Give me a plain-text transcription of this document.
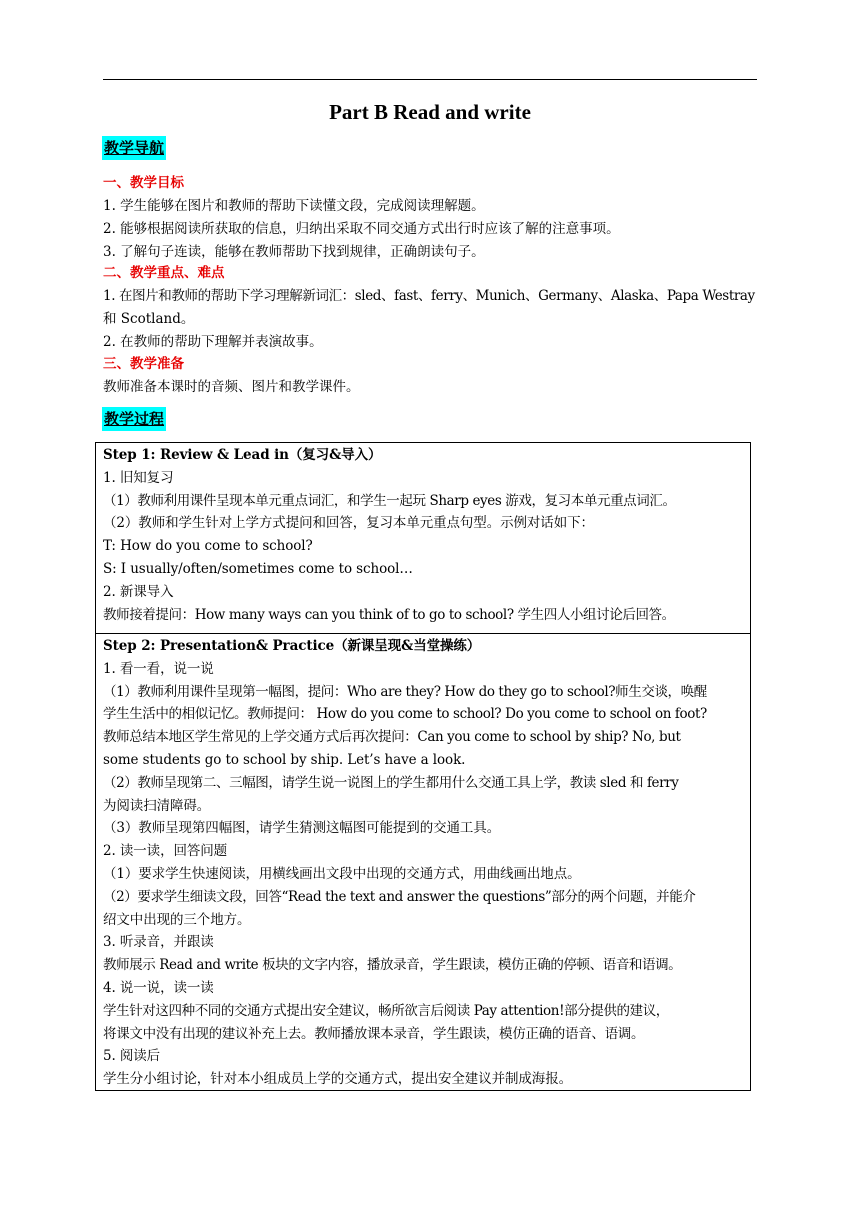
Part B Read and write
教学导航
一、教学目标
1. 学生能够在图片和教师的帮助下读懂文段，完成阅读理解题。
2. 能够根据阅读所获取的信息，归纳出采取不同交通方式出行时应该了解的注意事项。
3. 了解句子连读，能够在教师帮助下找到规律，正确朗读句子。
二、教学重点、难点
1. 在图片和教师的帮助下学习理解新词汇：sled、fast、ferry、Munich、Germany、Alaska、Papa Westray
和 Scotland。
2. 在教师的帮助下理解并表演故事。
三、教学准备
教师准备本课时的音频、图片和教学课件。
教学过程
Step 1: Review & Lead in（复习&导入）
1. 旧知复习
（1）教师利用课件呈现本单元重点词汇，和学生一起玩 Sharp eyes 游戏，复习本单元重点词汇。
（2）教师和学生针对上学方式提问和回答，复习本单元重点句型。示例对话如下：
T: How do you come to school?
S: I usually/often/sometimes come to school…
2. 新课导入
教师接着提问：How many ways can you think of to go to school? 学生四人小组讨论后回答。
Step 2: Presentation& Practice（新课呈现&当堂操练）
1. 看一看，说一说
（1）教师利用课件呈现第一幅图，提问：Who are they? How do they go to school?师生交谈，唤醒
学生生活中的相似记忆。教师提问： How do you come to school? Do you come to school on foot?
教师总结本地区学生常见的上学交通方式后再次提问：Can you come to school by ship? No, but
some students go to school by ship. Let’s have a look.
（2）教师呈现第二、三幅图，请学生说一说图上的学生都用什么交通工具上学，教读 sled 和 ferry
为阅读扫清障碍。
（3）教师呈现第四幅图，请学生猜测这幅图可能提到的交通工具。
2. 读一读，回答问题
（1）要求学生快速阅读，用横线画出文段中出现的交通方式，用曲线画出地点。
（2）要求学生细读文段，回答“Read the text and answer the questions”部分的两个问题，并能介
绍文中出现的三个地方。
3. 听录音，并跟读
教师展示 Read and write 板块的文字内容，播放录音，学生跟读，模仿正确的停顿、语音和语调。
4. 说一说，读一读
学生针对这四种不同的交通方式提出安全建议，畅所欲言后阅读 Pay attention!部分提供的建议，
将课文中没有出现的建议补充上去。教师播放课本录音，学生跟读，模仿正确的语音、语调。
5. 阅读后
学生分小组讨论，针对本小组成员上学的交通方式，提出安全建议并制成海报。
